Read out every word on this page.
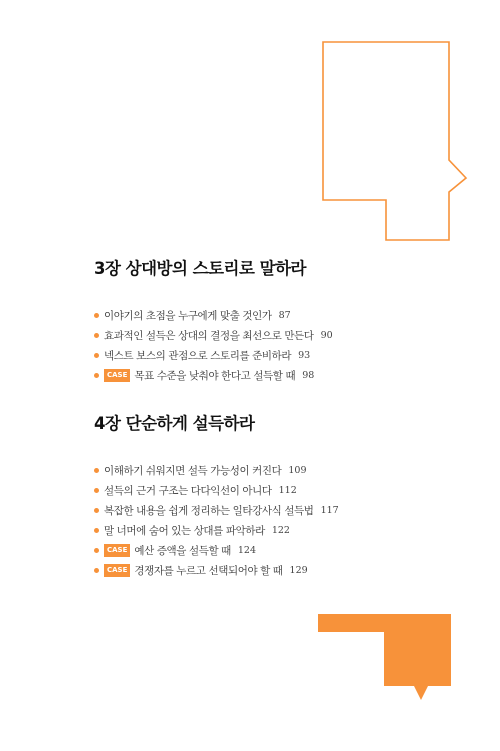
3장 상대방의 스토리로 말하라
이야기의 초점을 누구에게 맞출 것인가 87
효과적인 설득은 상대의 결정을 최선으로 만든다 90
넥스트 보스의 관점으로 스토리를 준비하라 93
CASE 목표 수준을 낮춰야 한다고 설득할 때 98
4장 단순하게 설득하라
이해하기 쉬워지면 설득 가능성이 커진다 109
설득의 근거 구조는 다다익선이 아니다 112
복잡한 내용을 쉽게 정리하는 일타강사식 설득법 117
말 너머에 숨어 있는 상대를 파악하라 122
CASE 예산 증액을 설득할 때 124
CASE 경쟁자를 누르고 선택되어야 할 때 129
